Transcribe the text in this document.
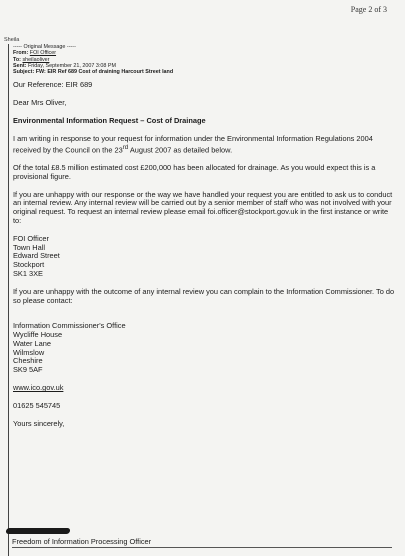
Page 2 of 3
Sheila
----- Original Message -----
From: FOI Officer
To: sheilaoliver
Sent: Friday, September 21, 2007 3:08 PM
Subject: FW: EIR Ref 689 Cost of draining Harcourt Street land

Our Reference: EIR 689

Dear Mrs Oliver,

Environmental Information Request – Cost of Drainage

I am writing in response to your request for information under the Environmental Information Regulations 2004 received by the Council on the 23rd August 2007 as detailed below.

Of the total £8.5 million estimated cost £200,000 has been allocated for drainage. As you would expect this is a provisional figure.

If you are unhappy with our response or the way we have handled your request you are entitled to ask us to conduct an internal review. Any internal review will be carried out by a senior member of staff who was not involved with your original request. To request an internal review please email foi.officer@stockport.gov.uk in the first instance or write to:

FOI Officer
Town Hall
Edward Street
Stockport
SK1 3XE

If you are unhappy with the outcome of any internal review you can complain to the Information Commissioner. To do so please contact:

Information Commissioner's Office
Wycliffe House
Water Lane
Wilmslow
Cheshire
SK9 5AF

www.ico.gov.uk

01625 545745

Yours sincerely,

Freedom of Information Processing Officer
